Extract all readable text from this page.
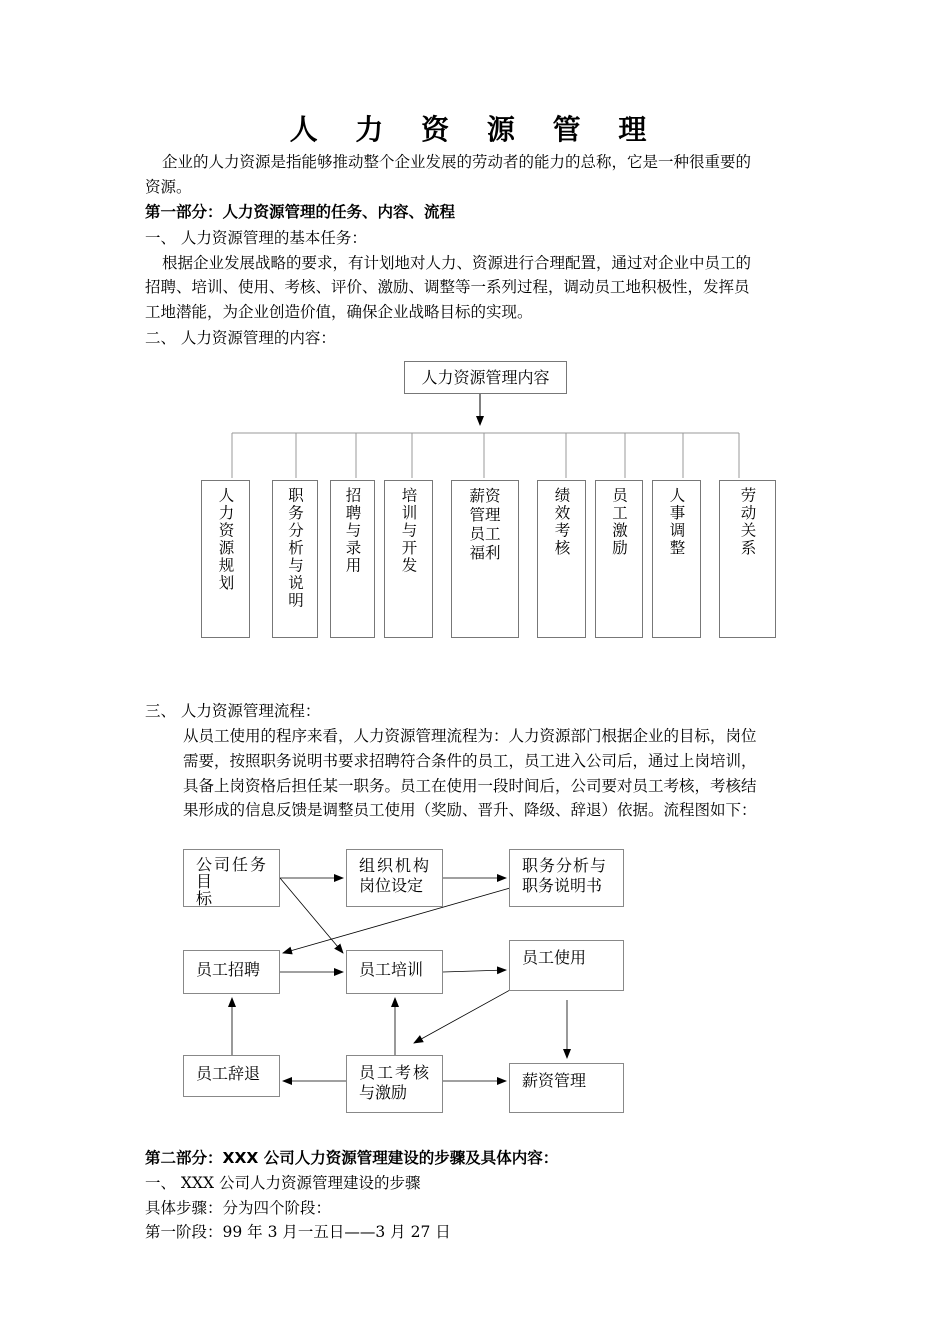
人 力 资 源 管 理
企业的人力资源是指能够推动整个企业发展的劳动者的能力的总称，它是一种很重要的
资源。
第一部分：人力资源管理的任务、内容、流程
一、 人力资源管理的基本任务：
根据企业发展战略的要求，有计划地对人力、资源进行合理配置，通过对企业中员工的
招聘、培训、使用、考核、评价、激励、调整等一系列过程，调动员工地积极性，发挥员
工地潜能，为企业创造价值，确保企业战略目标的实现。
二、 人力资源管理的内容：
人力资源管理内容
人力资源规划	职务分析与说明	招聘与录用 培训与开发	薪资管理员工福利	绩效考核	员工激励	人事调整	劳动关系
三、 人力资源管理流程：
从员工使用的程序来看，人力资源管理流程为：人力资源部门根据企业的目标，岗位
需要，按照职务说明书要求招聘符合条件的员工，员工进入公司后，通过上岗培训，
具备上岗资格后担任某一职务。员工在使用一段时间后，公司要对员工考核，考核结
果形成的信息反馈是调整员工使用（奖励、晋升、降级、辞退）依据。流程图如下：
公司任务
目
标
组织机构
岗位设定
职务分析与
职务说明书
员工招聘	员工培训
员工使用
员工辞退	员工考核
与激励
薪资管理
第二部分：XXX 公司人力资源管理建设的步骤及具体内容：
一、 XXX 公司人力资源管理建设的步骤
具体步骤：分为四个阶段：
第一阶段：99 年 3 月一五日——3 月 27 日
